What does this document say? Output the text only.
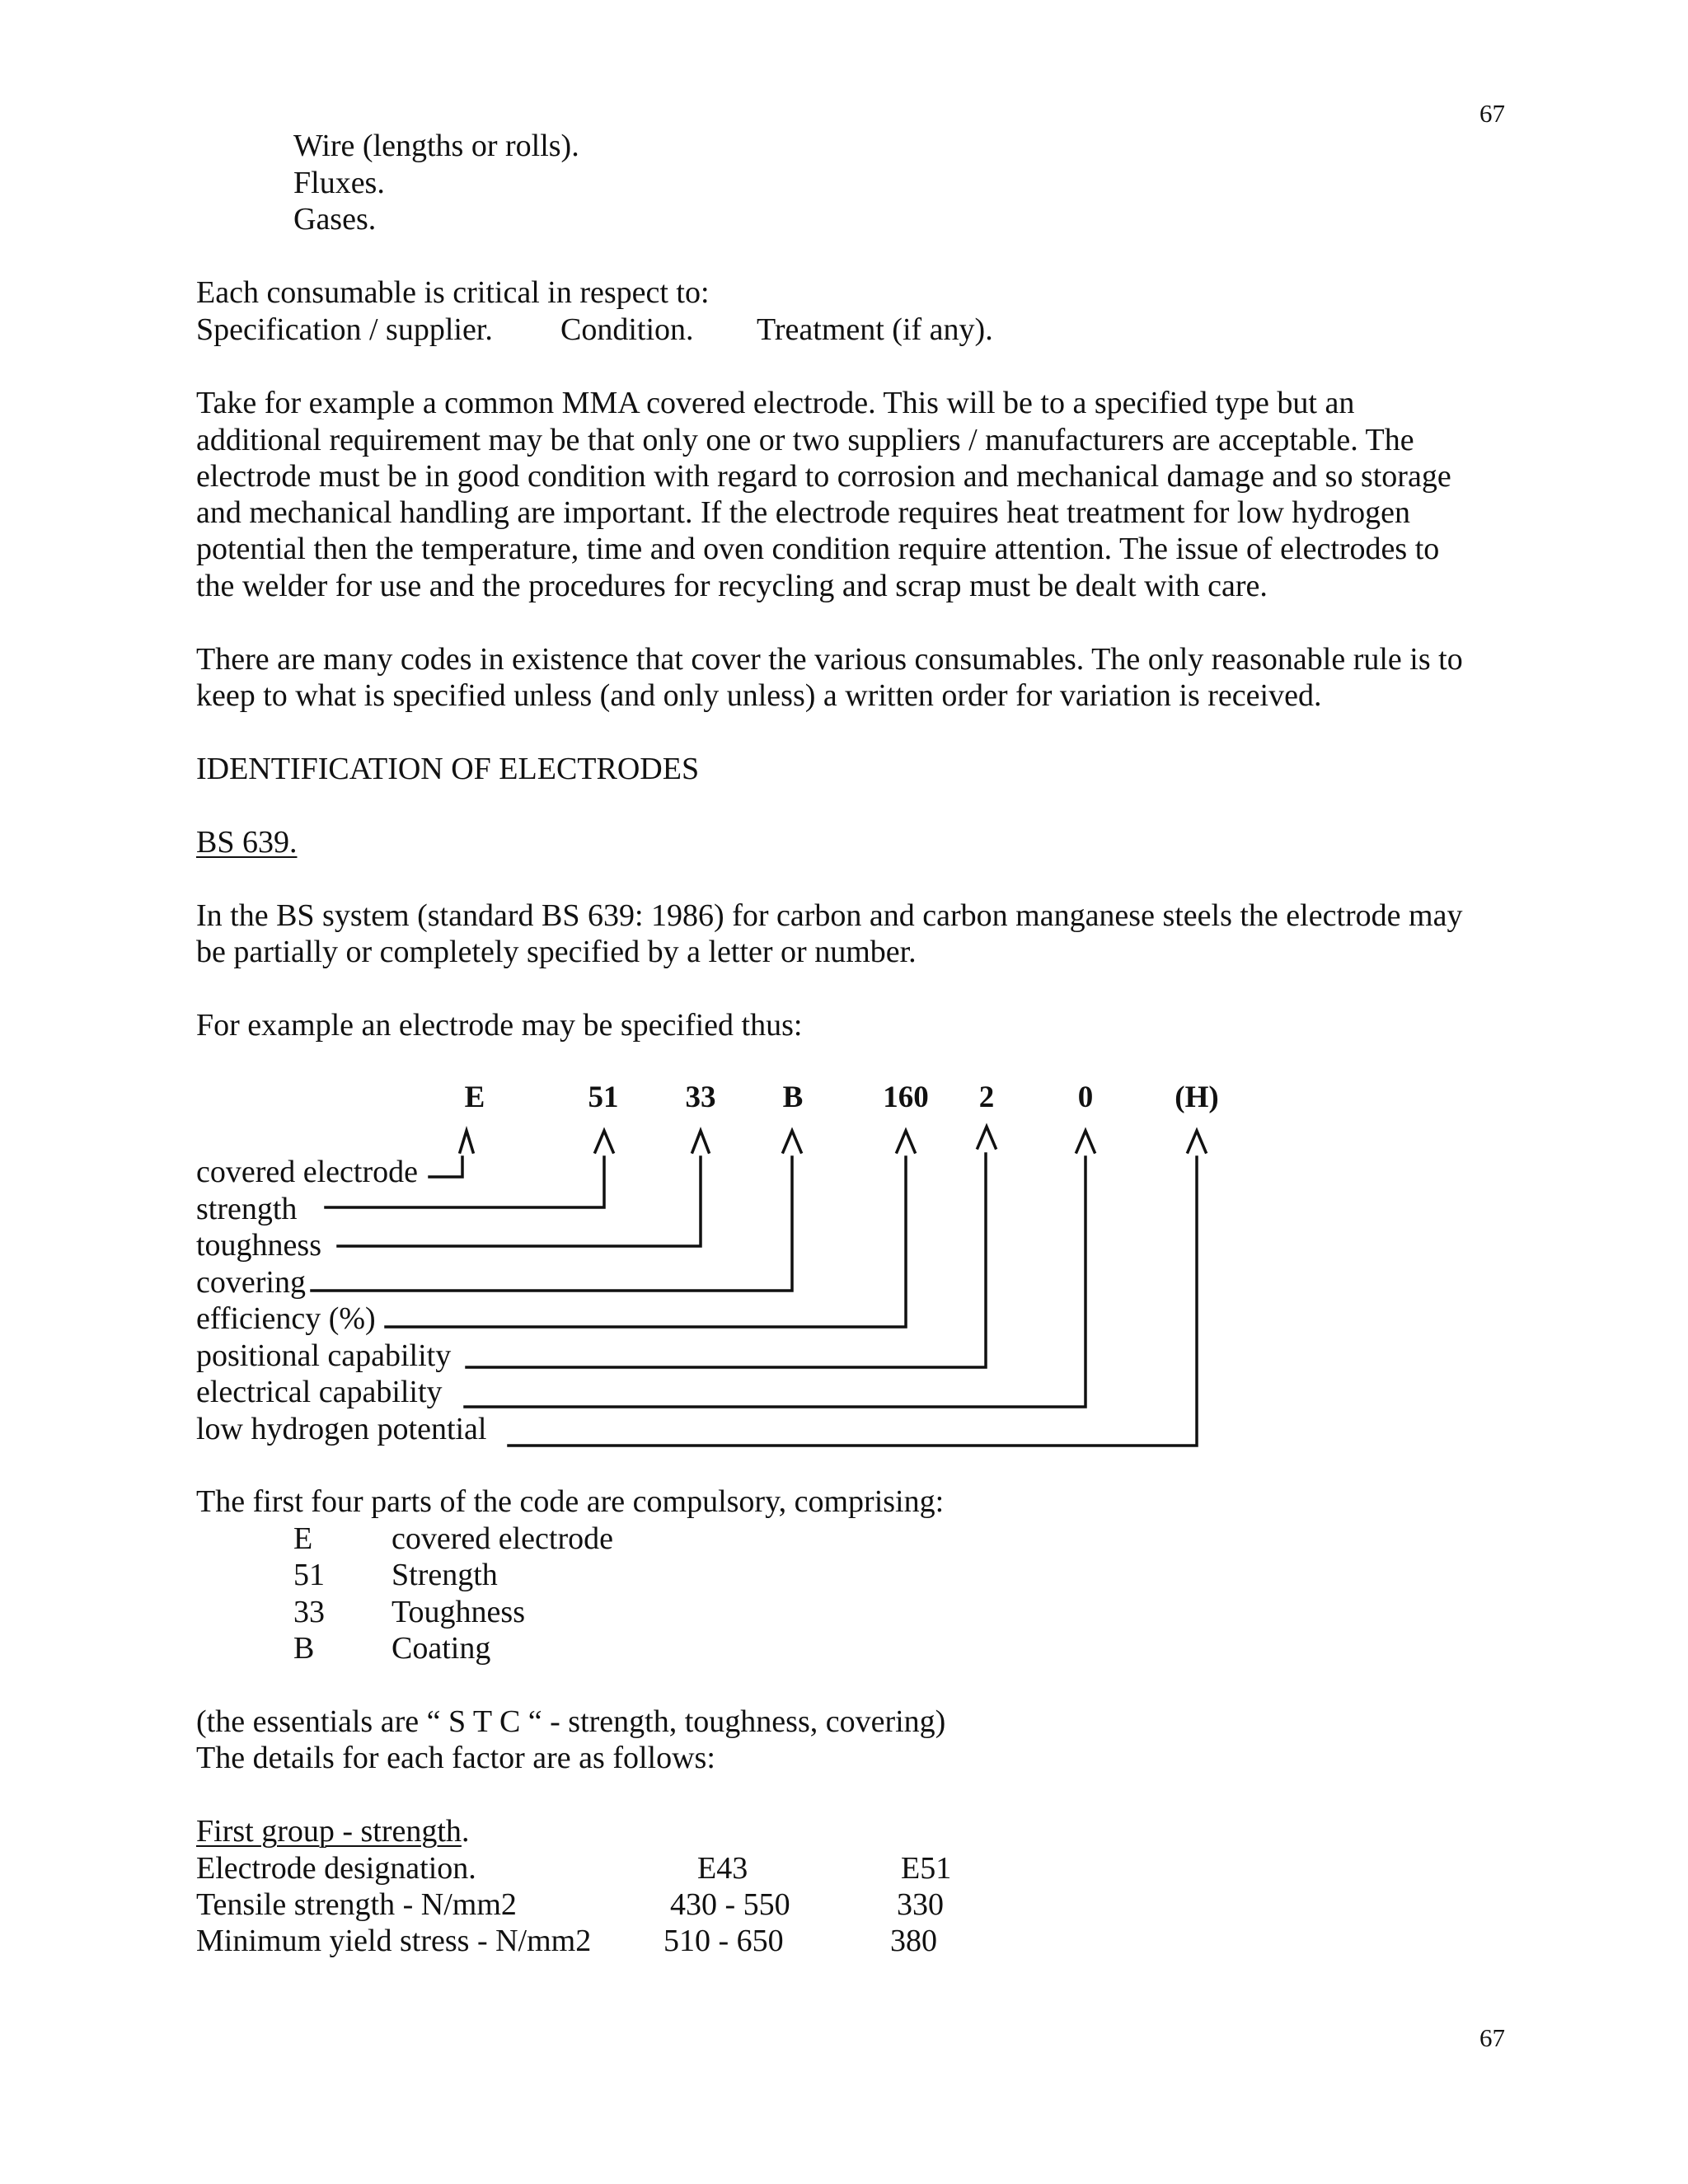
67

Wire (lengths or rolls).

Fluxes.

Gases.

Each consumable is critical in respect to:

Specification / supplier. Condition. Treatment (if any).

Take for example a common MMA covered electrode. This will be to a specified type but an

additional requirement may be that only one or two suppliers / manufacturers are acceptable. The

electrode must be in good condition with regard to corrosion and mechanical damage and so storage

and mechanical handling are important. If the electrode requires heat treatment for low hydrogen

potential then the temperature, time and oven condition require attention. The issue of electrodes to

the welder for use and the procedures for recycling and scrap must be dealt with care.

There are many codes in existence that cover the various consumables. The only reasonable rule is to

keep to what is specified unless (and only unless) a written order for variation is received.

IDENTIFICATION OF ELECTRODES

BS 639.

In the BS system (standard BS 639: 1986) for carbon and carbon manganese steels the electrode may

be partially or completely specified by a letter or number.

For example an electrode may be specified thus:

E	51	33	B	160	2	0	(H)

covered electrode

strength

toughness

covering

efficiency (%)

positional capability

electrical capability

low hydrogen potential

The first four parts of the code are compulsory, comprising:

E	covered electrode

51 Strength

33 Toughness

B Coating

(the essentials are “ S T C “ - strength, toughness, covering)

The details for each factor are as follows:

First group - strength.

Electrode designation.	E43	E51

Tensile strength - N/mm2	430 - 550	330

Minimum yield stress - N/mm2 510 - 650	380

67
